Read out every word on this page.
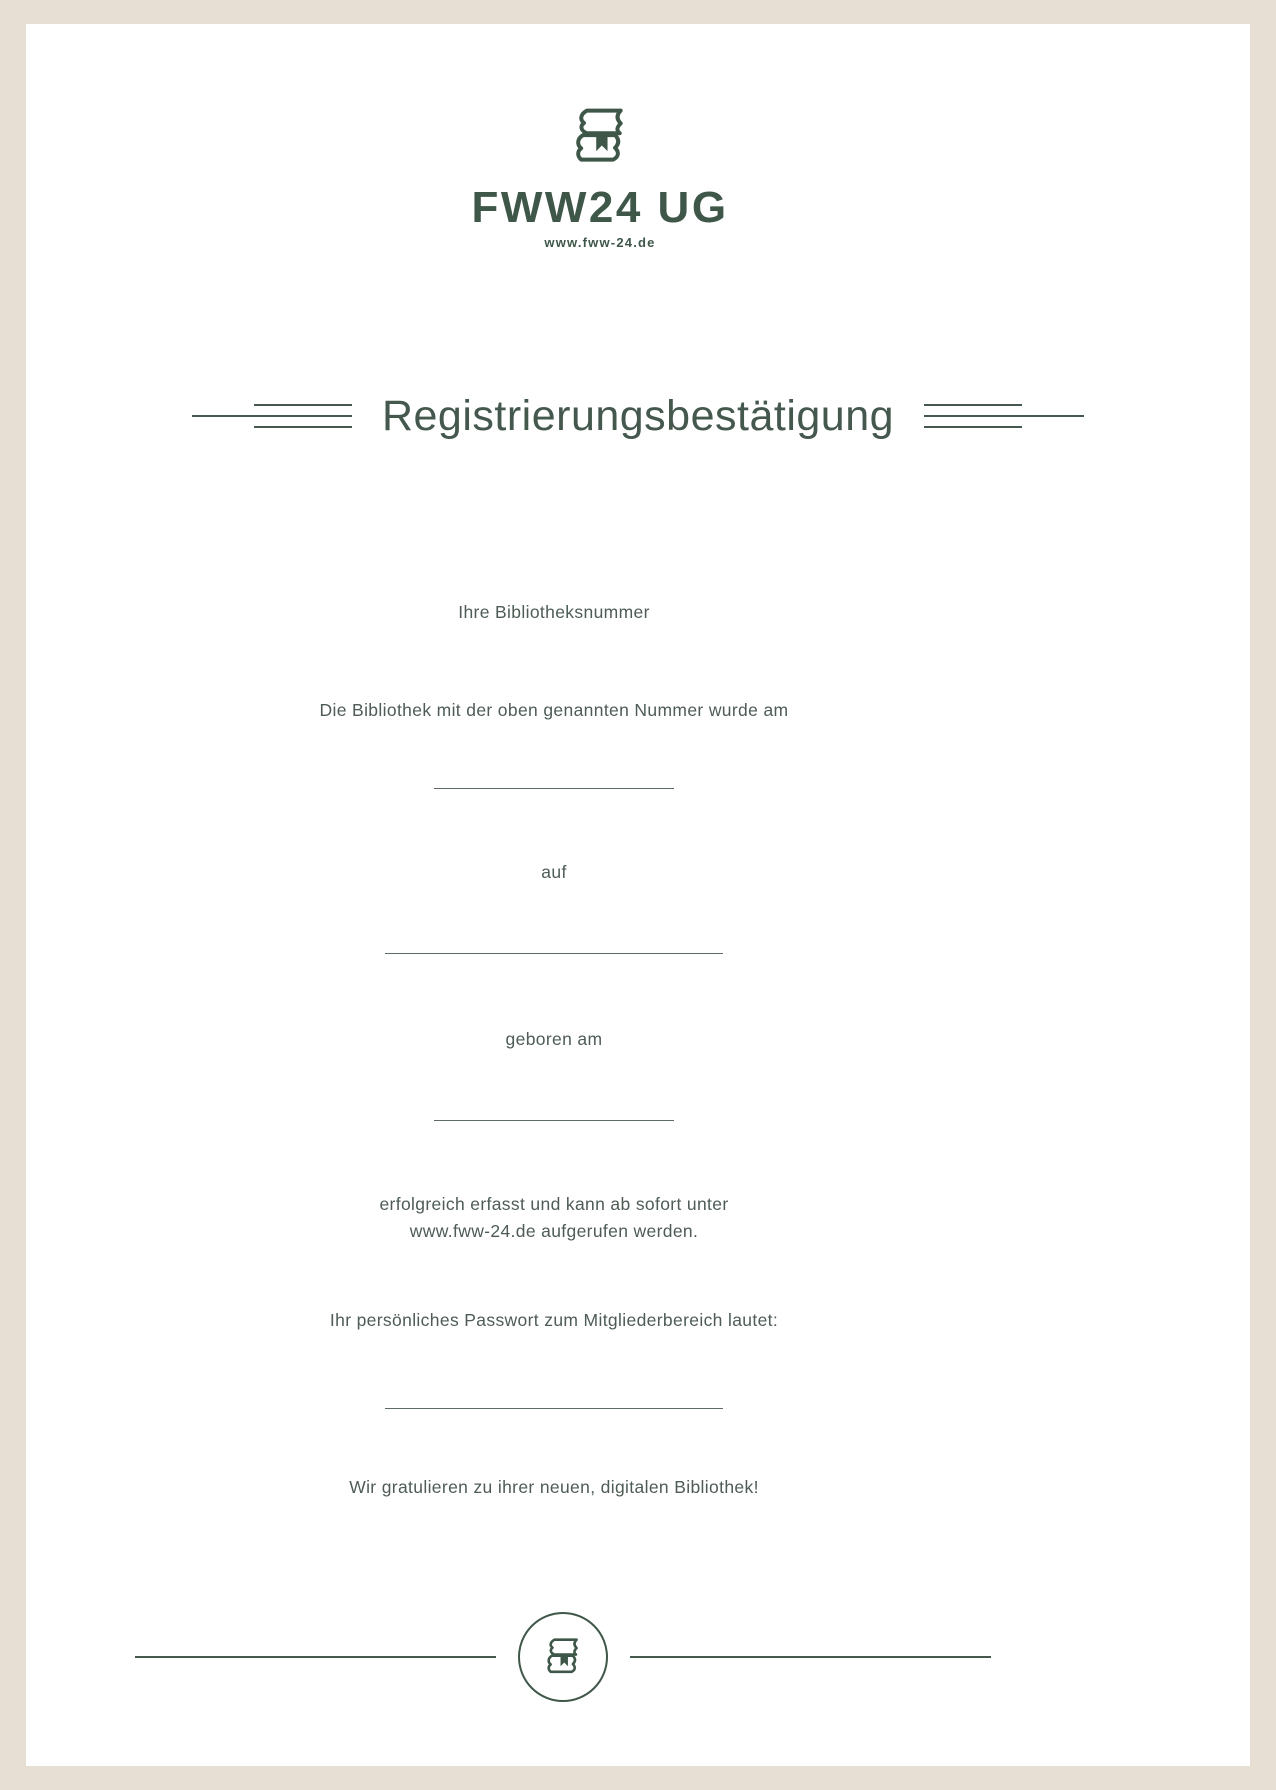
FWW24 UG
www.fww-24.de
Registrierungsbestätigung
Ihre Bibliotheksnummer
Die Bibliothek mit der oben genannten Nummer wurde am
auf
geboren am
erfolgreich erfasst und kann ab sofort unter
www.fww-24.de aufgerufen werden.
Ihr persönliches Passwort zum Mitgliederbereich lautet:
Wir gratulieren zu ihrer neuen, digitalen Bibliothek!
